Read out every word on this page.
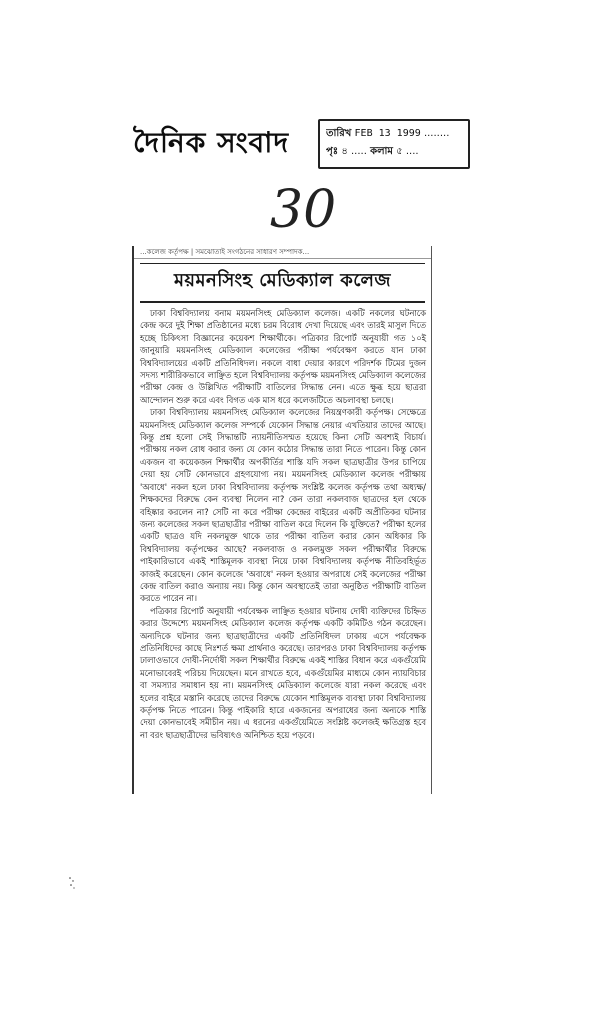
দৈনিক সংবাদ	তারিখ FEB 13 1999 ........
পৃঃ ৪ ..... কলাম ৫ ....
30
...কলেজ কর্তৃপক্ষ | সমঝোতাই সংগঠনের সাধারণ সম্পাদক...
ময়মনসিংহ মেডিক্যাল কলেজ

ঢাকা বিশ্ববিদ্যালয় বনাম ময়মনসিংহ মেডিক্যাল কলেজ। একটি নকলের ঘটনাকে কেন্দ্র করে দুই শিক্ষা প্রতিষ্ঠানের মধ্যে চরম বিরোধ দেখা দিয়েছে এবং তারই মাসুল দিতে হচ্ছে চিকিৎসা বিজ্ঞানের কয়েকশ শিক্ষার্থীকে। পত্রিকার রিপোর্ট অনুযায়ী গত ১০ই জানুয়ারি ময়মনসিংহ মেডিক্যাল কলেজের পরীক্ষা পর্যবেক্ষণ করতে যান ঢাকা বিশ্ববিদ্যালয়ের একটি প্রতিনিধিদল। নকলে বাধা দেয়ার কারণে পরিদর্শক টিমের দুজন সদস্য শারীরিকভাবে লাঞ্ছিত হলে বিশ্ববিদ্যালয় কর্তৃপক্ষ ময়মনসিংহ মেডিক্যাল কলেজের পরীক্ষা কেন্দ্র ও উল্লিখিত পরীক্ষাটি বাতিলের সিদ্ধান্ত নেন। এতে ক্ষুব্ধ হয়ে ছাত্ররা আন্দোলন শুরু করে এবং বিগত এক মাস ধরে কলেজটিতে অচলাবস্থা চলছে।

ঢাকা বিশ্ববিদ্যালয় ময়মনসিংহ মেডিক্যাল কলেজের নিয়ন্ত্রণকারী কর্তৃপক্ষ। সেক্ষেত্রে ময়মনসিংহ মেডিক্যাল কলেজ সম্পর্কে যেকোন সিদ্ধান্ত নেয়ার এখতিয়ার তাদের আছে। কিন্তু প্রশ্ন হলো সেই সিদ্ধান্তটি ন্যায়নীতিসম্মত হয়েছে কিনা সেটি অবশ্যই বিচার্য। পরীক্ষায় নকল রোধ করার জন্য যে কোন কঠোর সিদ্ধান্ত তারা নিতে পারেন। কিন্তু কোন একজন বা কয়েকজন শিক্ষার্থীর অপকীর্তির শাস্তি যদি সকল ছাত্রছাত্রীর উপর চাপিয়ে দেয়া হয় সেটি কোনভাবে গ্রহণযোগ্য নয়। ময়মনসিংহ মেডিক্যাল কলেজ পরীক্ষায় 'অবাধে' নকল হলে ঢাকা বিশ্ববিদ্যালয় কর্তৃপক্ষ সংশ্লিষ্ট কলেজ কর্তৃপক্ষ তথা অধ্যক্ষ/শিক্ষকদের বিরুদ্ধে কেন ব্যবস্থা নিলেন না? কেন তারা নকলবাজ ছাত্রদের হল থেকে বহিষ্কার করলেন না? সেটি না করে পরীক্ষা কেন্দ্রের বাইরের একটি অপ্রীতিকর ঘটনার জন্য কলেজের সকল ছাত্রছাত্রীর পরীক্ষা বাতিল করে দিলেন কি যুক্তিতে? পরীক্ষা হলের একটি ছাত্রও যদি নকলমুক্ত থাকে তার পরীক্ষা বাতিল করার কোন অধিকার কি বিশ্ববিদ্যালয় কর্তৃপক্ষের আছে? নকলবাজ ও নকলমুক্ত সকল পরীক্ষার্থীর বিরুদ্ধে পাইকারিভাবে একই শাস্তিমূলক ব্যবস্থা নিয়ে ঢাকা বিশ্ববিদ্যালয় কর্তৃপক্ষ নীতিবহির্ভূত কাজই করেছেন। কোন কলেজে 'অবাধে' নকল হওয়ার অপরাধে সেই কলেজের পরীক্ষা কেন্দ্র বাতিল করাও অন্যায় নয়। কিন্তু কোন অবস্থাতেই তারা অনুষ্ঠিত পরীক্ষাটি বাতিল করতে পারেন না।

পত্রিকার রিপোর্ট অনুযায়ী পর্যবেক্ষক লাঞ্ছিত হওয়ার ঘটনায় দোষী ব্যক্তিদের চিহ্নিত করার উদ্দেশ্যে ময়মনসিংহ মেডিক্যাল কলেজ কর্তৃপক্ষ একটি কমিটিও গঠন করেছেন। অন্যদিকে ঘটনার জন্য ছাত্রছাত্রীদের একটি প্রতিনিধিদল ঢাকায় এসে পর্যবেক্ষক প্রতিনিধিদের কাছে নিঃশর্ত ক্ষমা প্রার্থনাও করেছে। তারপরও ঢাকা বিশ্ববিদ্যালয় কর্তৃপক্ষ ঢালাওভাবে দোষী-নির্দোষী সকল শিক্ষার্থীর বিরুদ্ধে একই শাস্তির বিধান করে একগুঁয়েমি মনোভাবেরই পরিচয় দিয়েছেন। মনে রাখতে হবে, একগুঁয়েমির মাধ্যমে কোন ন্যায়বিচার বা সমস্যার সমাধান হয় না। ময়মনসিংহ মেডিক্যাল কলেজে যারা নকল করেছে এবং হলের বাইরে মস্তানি করেছে তাদের বিরুদ্ধে যেকোন শাস্তিমূলক ব্যবস্থা ঢাকা বিশ্ববিদ্যালয় কর্তৃপক্ষ নিতে পারেন। কিন্তু পাইকারি হারে একজনের অপরাধের জন্য অন্যকে শাস্তি দেয়া কোনভাবেই সমীচীন নয়। এ ধরনের একগুঁয়েমিতে সংশ্লিষ্ট কলেজই ক্ষতিগ্রস্ত হবে না বরং ছাত্রছাত্রীদের ভবিষ্যৎও অনিশ্চিত হয়ে পড়বে।
